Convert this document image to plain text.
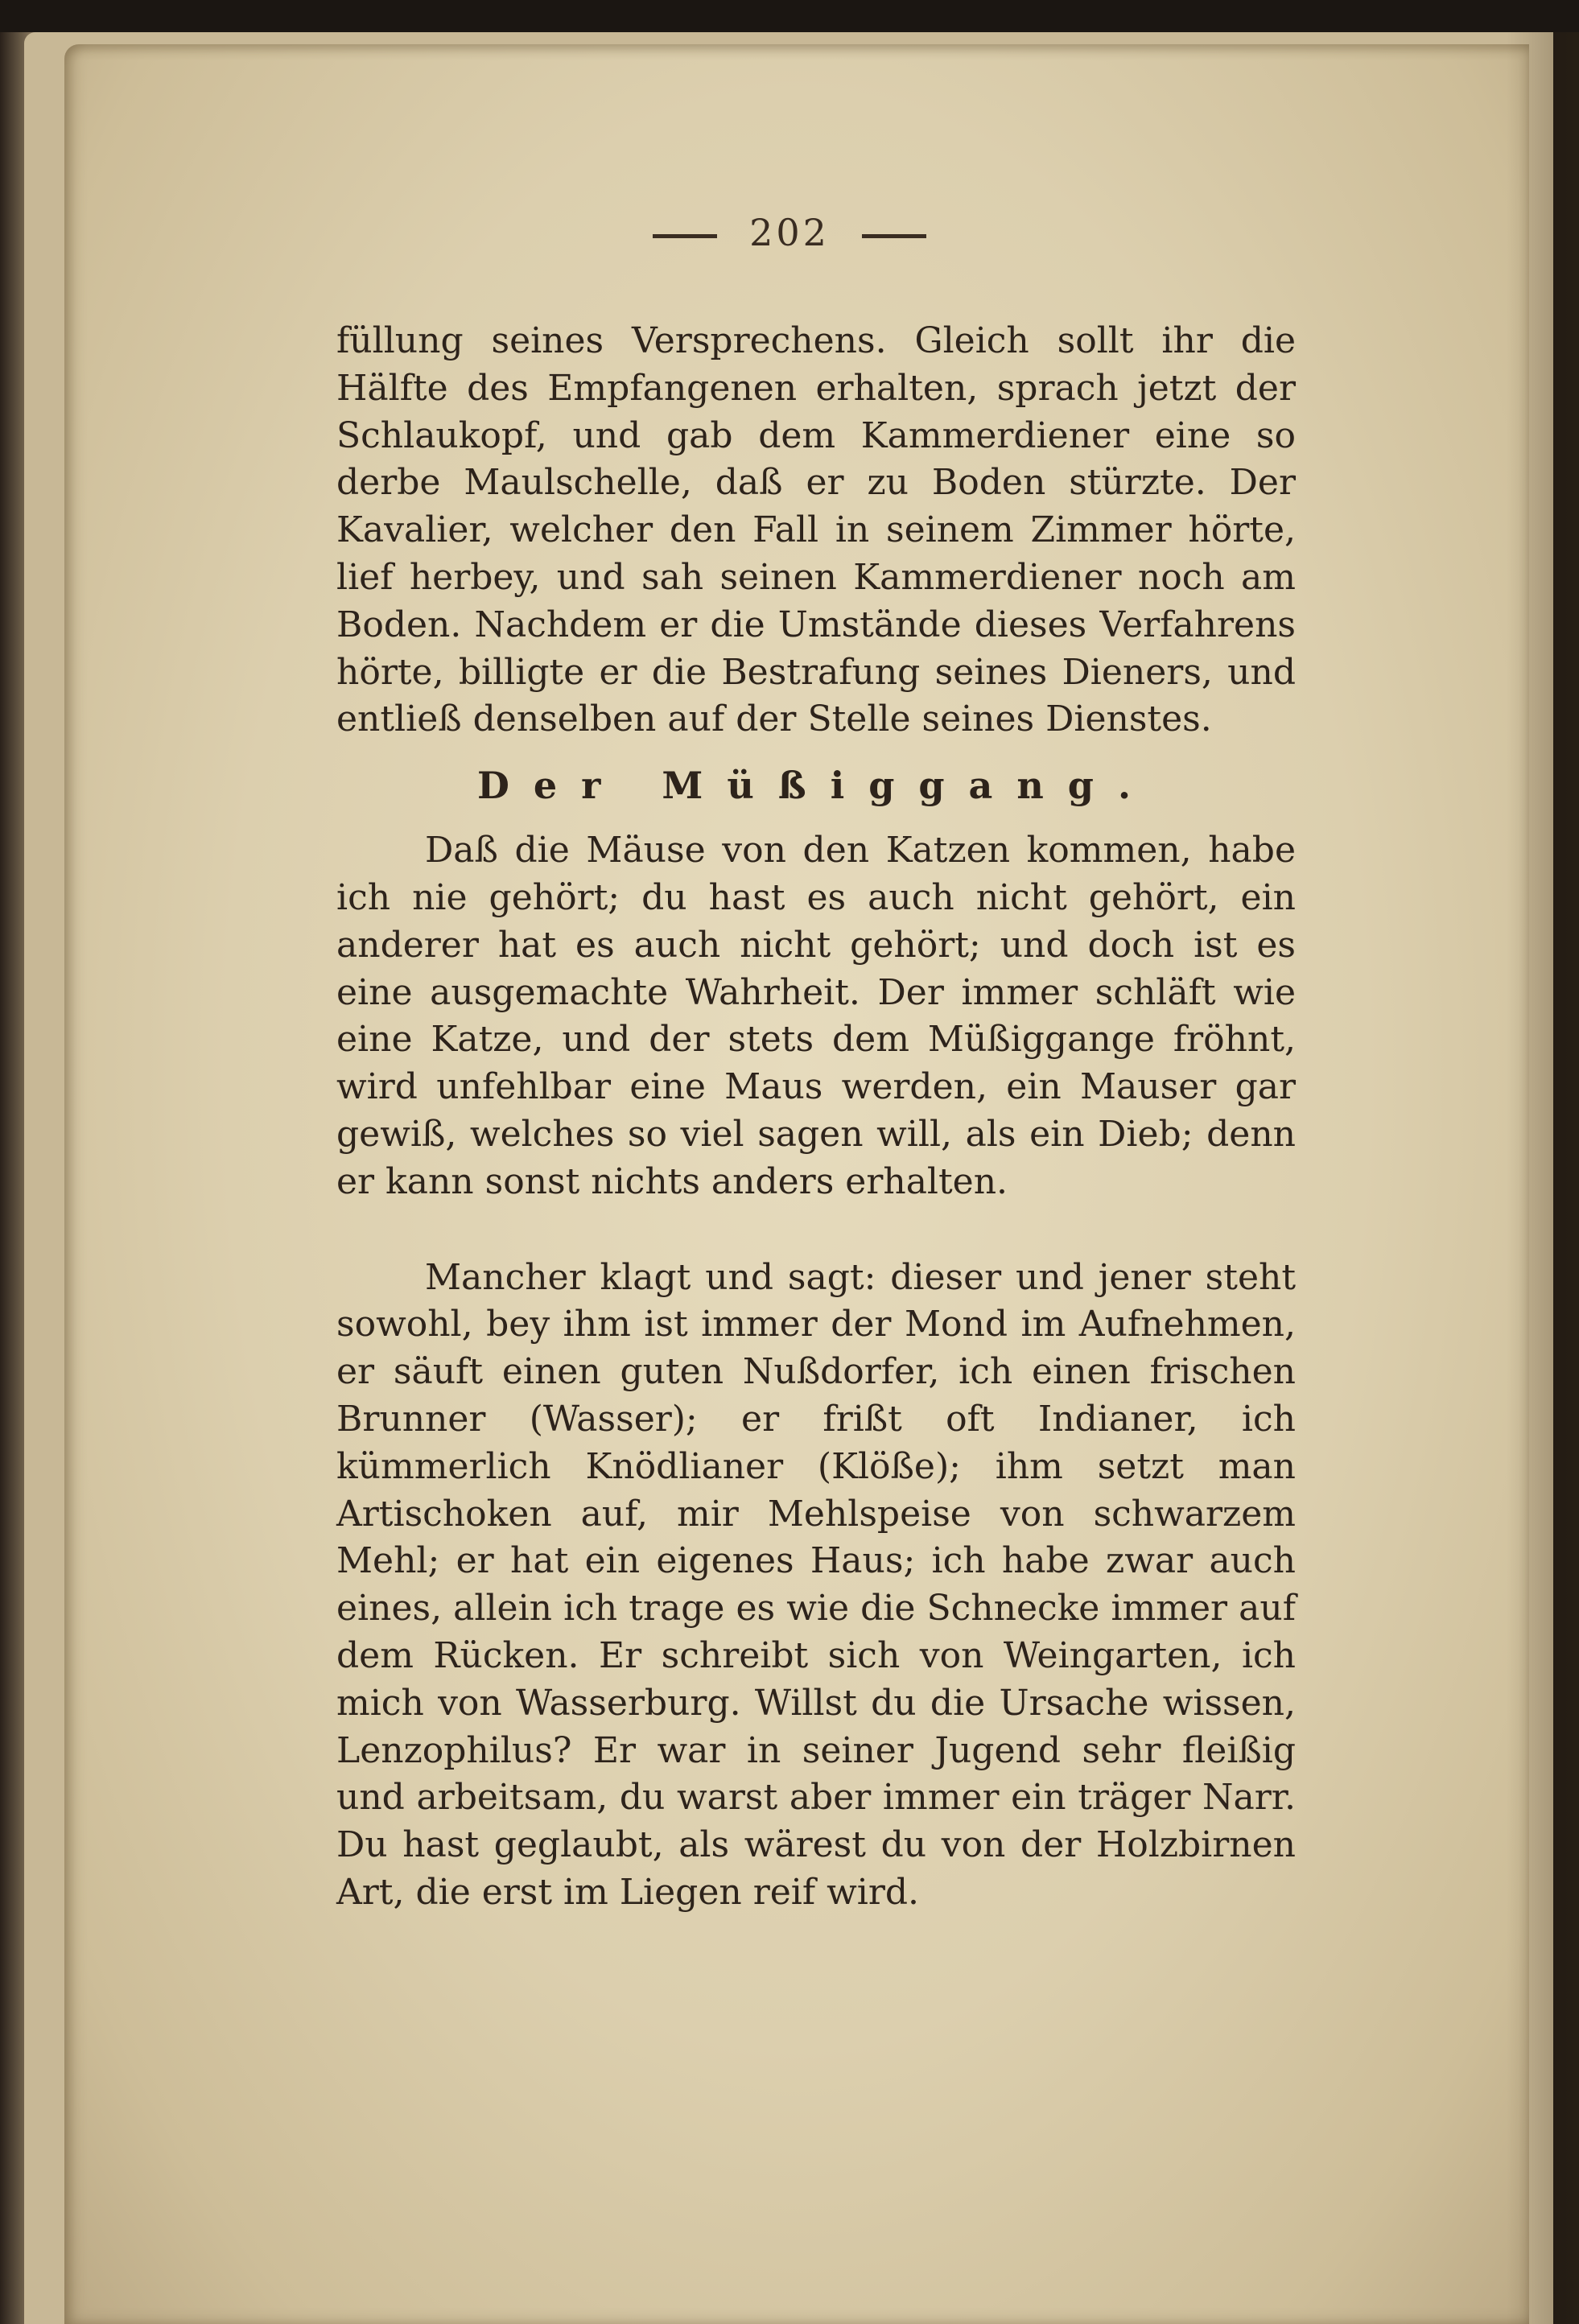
202

füllung seines Versprechens. Gleich sollt ihr die Hälfte des Empfangenen erhalten, sprach jetzt der Schlaukopf, und gab dem Kammerdiener eine so derbe Maulschelle, daß er zu Boden stürzte. Der Kavalier, welcher den Fall in seinem Zimmer hörte, lief herbey, und sah seinen Kammerdiener noch am Boden. Nachdem er die Umstände dieses Verfahrens hörte, billigte er die Bestrafung seines Dieners, und entließ denselben auf der Stelle seines Dienstes.

Der Müßiggang.

Daß die Mäuse von den Katzen kommen, habe ich nie gehört; du hast es auch nicht gehört, ein anderer hat es auch nicht gehört; und doch ist es eine ausgemachte Wahrheit. Der immer schläft wie eine Katze, und der stets dem Müßiggange fröhnt, wird unfehlbar eine Maus werden, ein Mauser gar gewiß, welches so viel sagen will, als ein Dieb; denn er kann sonst nichts anders erhalten.

Mancher klagt und sagt: dieser und jener steht sowohl, bey ihm ist immer der Mond im Aufnehmen, er säuft einen guten Nußdorfer, ich einen frischen Brunner (Wasser); er frißt oft Indianer, ich kümmerlich Knödlianer (Klöße); ihm setzt man Artischoken auf, mir Mehlspeise von schwarzem Mehl; er hat ein eigenes Haus; ich habe zwar auch eines, allein ich trage es wie die Schnecke immer auf dem Rücken. Er schreibt sich von Weingarten, ich mich von Wasserburg. Willst du die Ursache wissen, Lenzophilus? Er war in seiner Jugend sehr fleißig und arbeitsam, du warst aber immer ein träger Narr. Du hast geglaubt, als wärest du von der Holzbirnen Art, die erst im Liegen reif wird.
